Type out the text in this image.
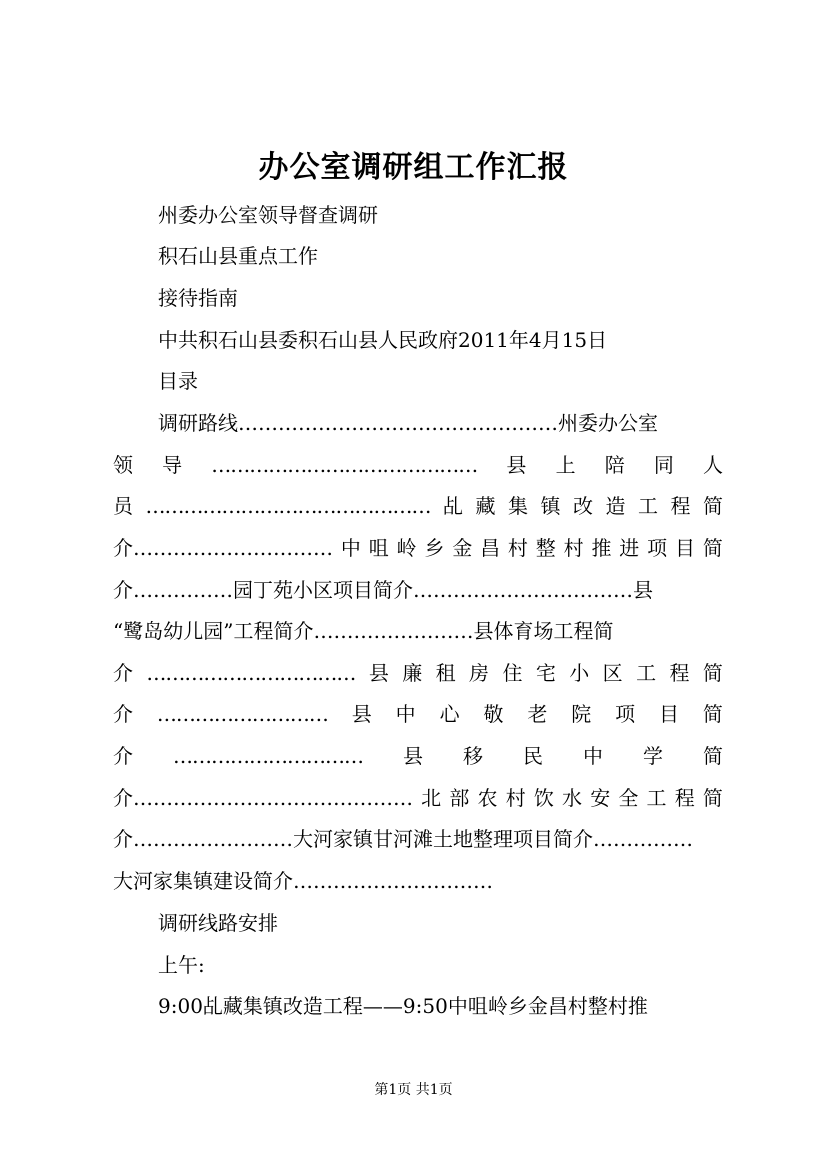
办公室调研组工作汇报
州委办公室领导督查调研
积石山县重点工作
接待指南
中共积石山县委积石山县人民政府2011年4月15日
目录
调研路线…………………………………………州委办公室
领 导 …………………………………… 县 上 陪 同 人
员 ……………………………………… 乩 藏 集 镇 改 造 工 程 简
介………………………… 中 咀 岭 乡 金 昌 村 整 村 推 进 项 目 简
介……………园丁苑小区项目简介……………………………县
“鹭岛幼儿园”工程简介……………………县体育场工程简
介 …………………………… 县 廉 租 房 住 宅 小 区 工 程 简
介 ……………………… 县 中 心 敬 老 院 项 目 简
介 ………………………… 县 移 民 中 学 简
介…………………………………… 北 部 农 村 饮 水 安 全 工 程 简
介……………………大河家镇甘河滩土地整理项目简介……………
大河家集镇建设简介…………………………
调研线路安排
上午:
9:00乩藏集镇改造工程——9:50中咀岭乡金昌村整村推
第1页 共1页
